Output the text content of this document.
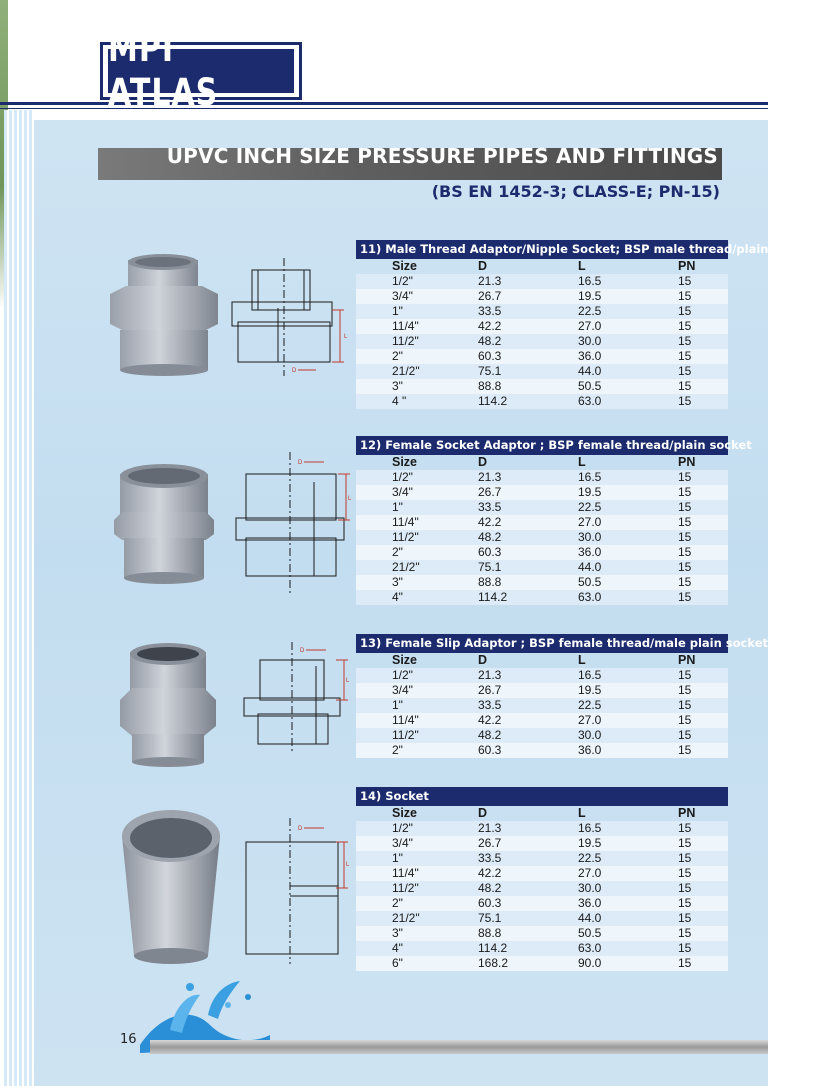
MPI ATLAS
UPVC INCH SIZE PRESSURE PIPES AND FITTINGS
(BS EN 1452-3; CLASS-E; PN-15)
11) Male Thread Adaptor/Nipple Socket; BSP male thread/plain socket
Size	D	L	PN
1/2"	21.3	16.5	15
3/4"	26.7	19.5	15
1"	33.5	22.5	15
11/4"	42.2	27.0	15
11/2"	48.2	30.0	15
2"	60.3	36.0	15
21/2"	75.1	44.0	15
3"	88.8	50.5	15
4 "	114.2	63.0	15
12) Female Socket Adaptor ; BSP female thread/plain socket
Size	D	L	PN
1/2"	21.3	16.5	15
3/4"	26.7	19.5	15
1"	33.5	22.5	15
11/4"	42.2	27.0	15
11/2"	48.2	30.0	15
2"	60.3	36.0	15
21/2"	75.1	44.0	15
3"	88.8	50.5	15
4"	114.2	63.0	15
13) Female Slip Adaptor ; BSP female thread/male plain socket
Size	D	L	PN
1/2"	21.3	16.5	15
3/4"	26.7	19.5	15
1"	33.5	22.5	15
11/4"	42.2	27.0	15
11/2"	48.2	30.0	15
2"	60.3	36.0	15
14) Socket
Size	D	L	PN
1/2"	21.3	16.5	15
3/4"	26.7	19.5	15
1"	33.5	22.5	15
11/4"	42.2	27.0	15
11/2"	48.2	30.0	15
2"	60.3	36.0	15
21/2"	75.1	44.0	15
3"	88.8	50.5	15
4"	114.2	63.0	15
6"	168.2	90.0	15
L
D
D
L
D
L
D
L
16
